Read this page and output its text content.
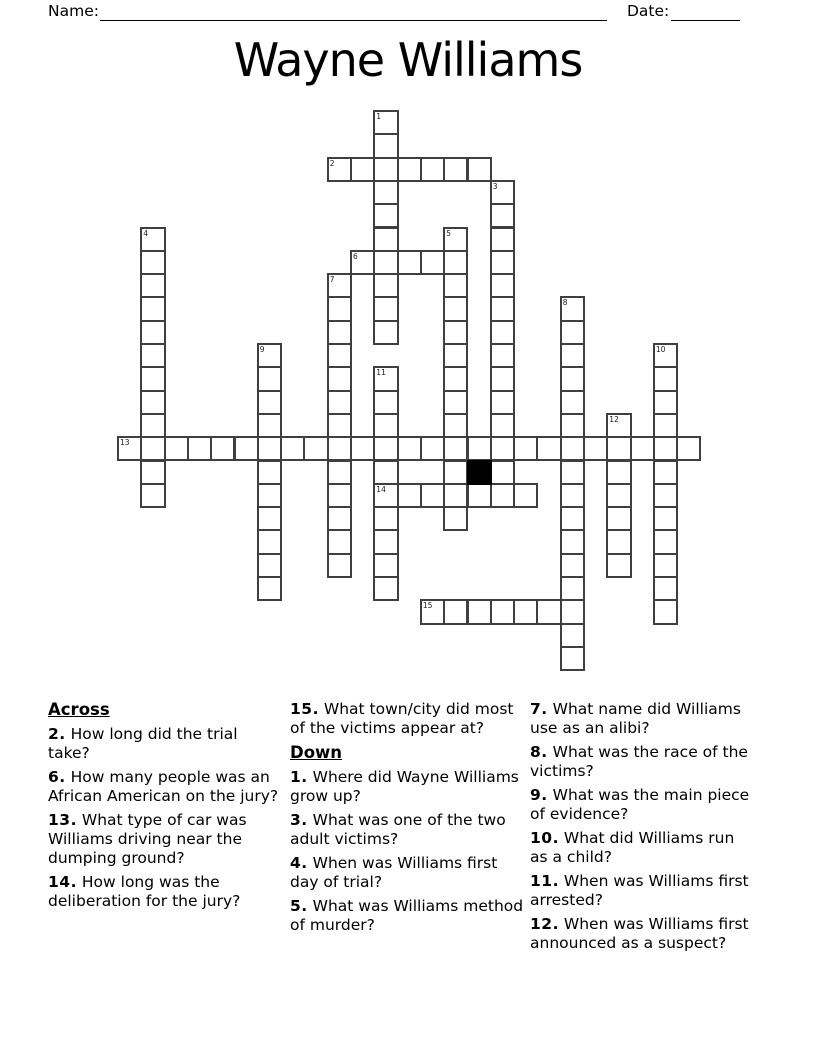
Name:	Date:
Wayne Williams
1
2
3
4	5
6
7
8
9	10
11
14
12
13
15
Across

2. How long did the trial take?

6. How many people was an African American on the jury?

13. What type of car was Williams driving near the dumping ground?

14. How long was the deliberation for the jury?

15. What town/city did most of the victims appear at?

Down

1. Where did Wayne Williams grow up?

3. What was one of the two adult victims?

4. When was Williams first day of trial?

5. What was Williams method of murder?

7. What name did Williams use as an alibi?

8. What was the race of the victims?

9. What was the main piece of evidence?

10. What did Williams run as a child?

11. When was Williams first arrested?

12. When was Williams first announced as a suspect?
